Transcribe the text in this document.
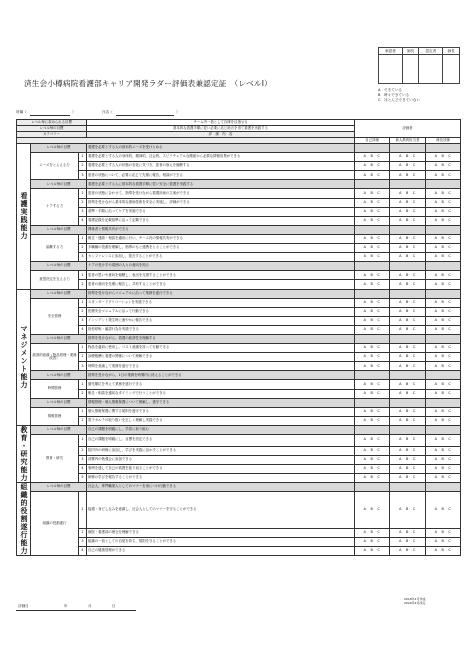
承認者	師長	認定者	師長

済生会小樽病院看護部キャリア開発ラダー評価表兼認定証　（レベルⅠ）
A　できている
B　時々できている
C　ほとんどできていない
所属（	）	氏名（	）
レベル毎に求められる目標			チーム内一員として自律を目指せる	評価者		
レベル毎の目標			基本的な看護手順に従い必要に応じ助言を得て看護を実践する			
カテゴリー			評　価　内　容			
				自己評価	新人教育担当者	係長評価
看護実践能力	レベル毎の目標		看護を必要とする人の基本的ニーズを受けとめる			
	ニーズをとらえる力	1	看護を必要とする人の身体的、精神的、社会的、スピリチュアルな側面から必要な情報収集ができる	A　B　C	A　B　C	A　B　C
		2	看護を必要とする人の状態の変化に気づき、患者の訴えを傾聴する	A　B　C	A　B　C	A　B　C
		3	患者の状態について、必要に応じて先輩に報告、相談ができる	A　B　C	A　B　C	A　B　C
	レベル毎の目標		看護を必要とする人に基本的な看護手順に従い安全に看護を実践する			
	ケアする力	1	患者の状態に合わせて、指導を受けながら看護計画の立案ができる	A　B　C	A　B　C	A　B　C
		2	指導を受けながら基本的な援助技術を安全に実施し、評価ができる	A　B　C	A　B　C	A　B　C
		3	基準・手順に沿ってケアを実施できる	A　B　C	A　B　C	A　B　C
		4	看護記録を記載基準に沿って記載できる	A　B　C	A　B　C	A　B　C
	レベル毎の目標		関係者と情報共有ができる			
	協働する力	1	報告・連絡・相談を適切に行い、チーム内の情報共有ができる	A　B　C	A　B　C	A　B　C
		2	多職種の役割を理解し、指導のもと連携をとることができる	A　B　C	A　B　C	A　B　C
		3	カンファレンスに参加し、発言することができる	A　B　C	A　B　C	A　B　C
	レベル毎の目標		ケアの受け手や周囲の人々の意向を知る			
	意思決定を支える力	1	患者の思いや意向を傾聴し、表出を支援することができる	A　B　C	A　B　C	A　B　C
		2	患者の意向を先輩に報告し、共有することができる	A　B　C	A　B　C	A　B　C
マネジメント能力	レベル毎の目標		指導を受けながらマニュアルに沿って業務を遂行できる			
	安全管理	1	スタンダードプリコーションを実践できる	A　B　C	A　B　C	A　B　C
		2	医療安全マニュアルに沿って行動できる	A　B　C	A　B　C	A　B　C
		3	インシデント発生時に速やかに報告できる	A　B　C	A　B　C	A　B　C
		4	指差呼称・確認行為を実践できる	A　B　C	A　B　C	A　B　C
	レベル毎の目標		指導を受けながら、看護の経済性を理解する			
	経済的意識（物品管理・業務改善）	1	物品を適切に使用し、コスト意識を持って行動できる	A　B　C	A　B　C	A　B　C
		2	診療報酬と看護の関係について理解できる	A　B　C	A　B　C	A　B　C
		3	時間を意識して業務を遂行できる	A　B　C	A　B　C	A　B　C
	レベル毎の目標		指導を受けながら、1日の業務を時間内に終えることができる			
	時間管理	1	優先順位を考えて業務を遂行できる	A　B　C	A　B　C	A　B　C
		2	報告・相談を適切なタイミングで行うことができる	A　B　C	A　B　C	A　B　C
	レベル毎の目標		情報管理・個人情報保護について理解し、遵守できる			
	情報管理	1	個人情報保護に関する規則を遵守できる	A　B　C	A　B　C	A　B　C
		2	電子カルテの取り扱いを正しく理解し実践できる	A　B　C	A　B　C	A　B　C
教育・研究能力	レベル毎の目標		自己の課題を明確にし、学習に取り組む			
	教育・研究	1	自己の課題を明確にし、目標を設定できる	A　B　C	A　B　C	A　B　C
		2	院内外の研修に参加し、学びを実践に活かすことができる	A　B　C	A　B　C	A　B　C
		3	部署内の勉強会に参加できる	A　B　C	A　B　C	A　B　C
		4	事例を通して自己の看護を振り返ることができる	A　B　C	A　B　C	A　B　C
		5	研修の学びを報告することができる	A　B　C	A　B　C	A　B　C
組織的役割遂行能力	レベル毎の目標		社会人、専門職業人としてのマナーを身につけ行動できる			
	組織の役割遂行	1	接遇・身だしなみを意識し、社会人としてのマナーを守ることができる	A　B　C	A　B　C	A　B　C
		2	病院・看護部の理念を理解できる	A　B　C	A　B　C	A　B　C
		3	組織の一員としての自覚を持ち、規則を守ることができる	A　B　C	A　B　C	A　B　C
		4	自己の健康管理ができる	A　B　C	A　B　C	A　B　C
評価日	年	月	日
2018年1月作成
2020年4月改定
